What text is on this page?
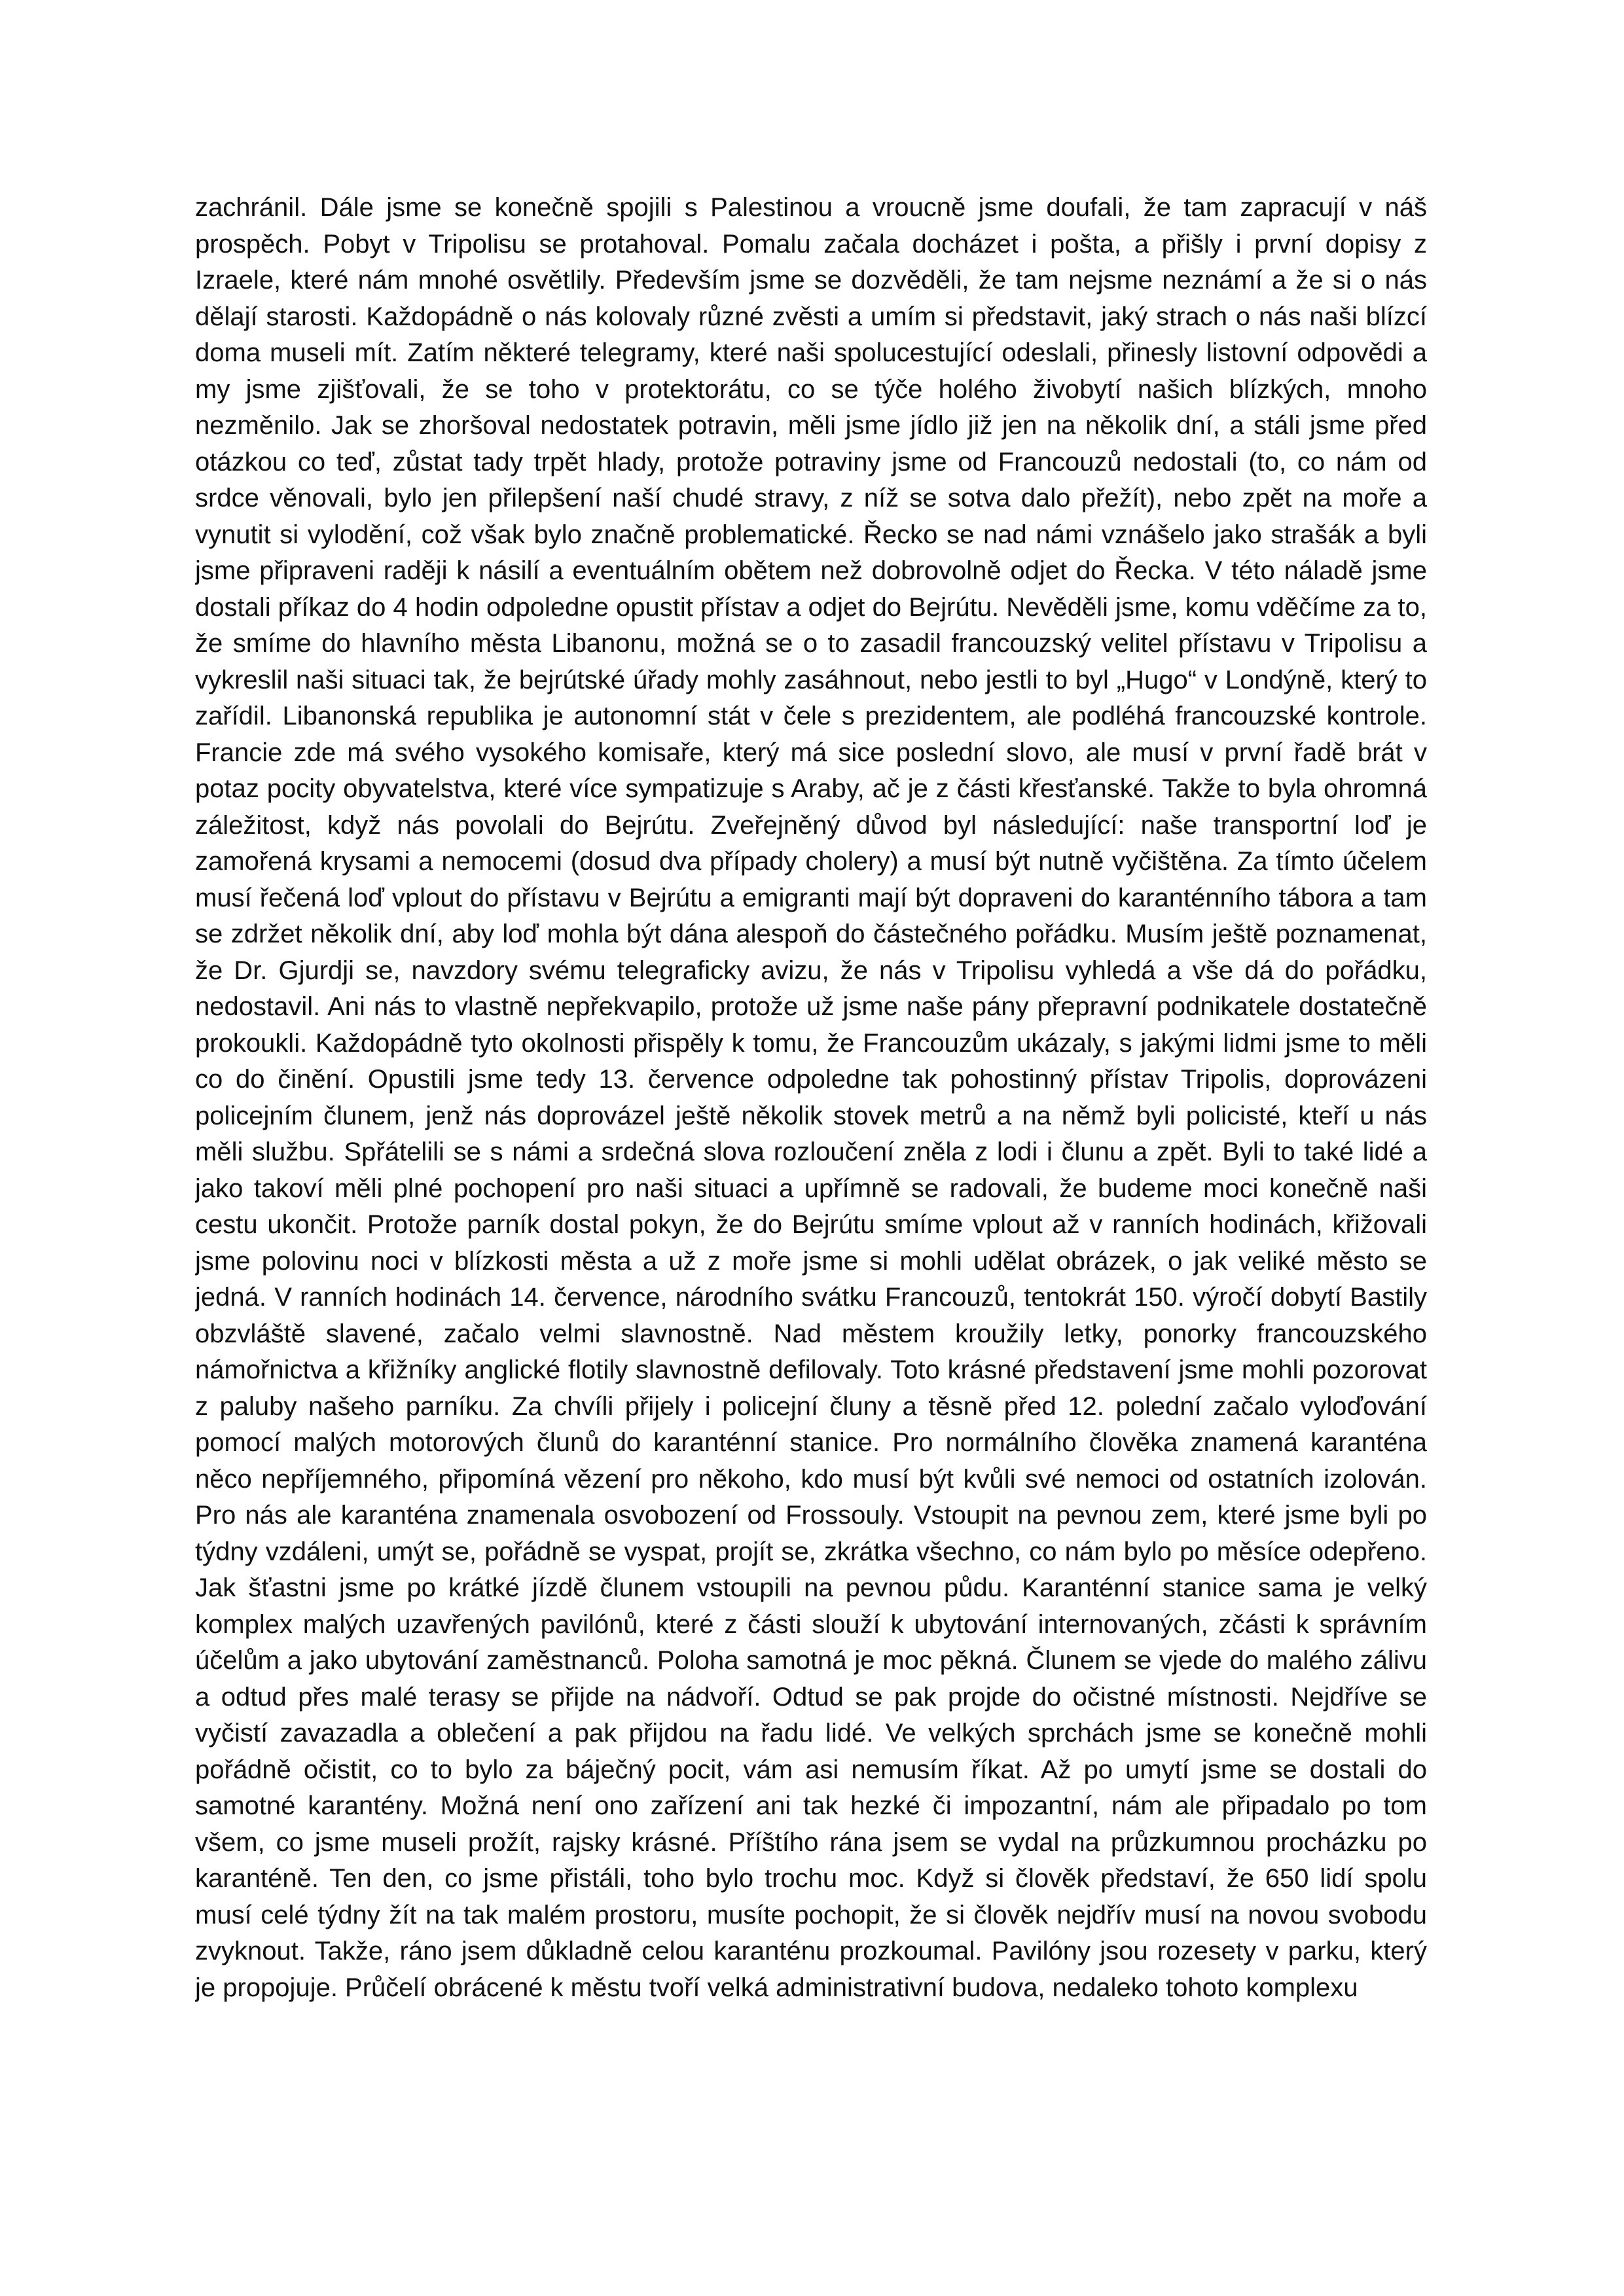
zachránil. Dále jsme se konečně spojili s Palestinou a vroucně jsme doufali, že tam zapracují v náš prospěch. Pobyt v Tripolisu se protahoval. Pomalu začala docházet i pošta, a přišly i první dopisy z Izraele, které nám mnohé osvětlily. Především jsme se dozvěděli, že tam nejsme neznámí a že si o nás dělají starosti. Každopádně o nás kolovaly různé zvěsti a umím si představit, jaký strach o nás naši blízcí doma museli mít. Zatím některé telegramy, které naši spolucestující odeslali, přinesly listovní odpovědi a my jsme zjišťovali, že se toho v protektorátu, co se týče holého živobytí našich blízkých, mnoho nezměnilo. Jak se zhoršoval nedostatek potravin, měli jsme jídlo již jen na několik dní, a stáli jsme před otázkou co teď, zůstat tady trpět hlady, protože potraviny jsme od Francouzů nedostali (to, co nám od srdce věnovali, bylo jen přilepšení naší chudé stravy, z níž se sotva dalo přežít), nebo zpět na moře a vynutit si vylodění, což však bylo značně problematické. Řecko se nad námi vznášelo jako strašák a byli jsme připraveni raději k násilí a eventuálním obětem než dobrovolně odjet do Řecka. V této náladě jsme dostali příkaz do 4 hodin odpoledne opustit přístav a odjet do Bejrútu. Nevěděli jsme, komu vděčíme za to, že smíme do hlavního města Libanonu, možná se o to zasadil francouzský velitel přístavu v Tripolisu a vykreslil naši situaci tak, že bejrútské úřady mohly zasáhnout, nebo jestli to byl „Hugo“ v Londýně, který to zařídil. Libanonská republika je autonomní stát v čele s prezidentem, ale podléhá francouzské kontrole. Francie zde má svého vysokého komisaře, který má sice poslední slovo, ale musí v první řadě brát v potaz pocity obyvatelstva, které více sympatizuje s Araby, ač je z části křesťanské. Takže to byla ohromná záležitost, když nás povolali do Bejrútu. Zveřejněný důvod byl následující: naše transportní loď je zamořená krysami a nemocemi (dosud dva případy cholery) a musí být nutně vyčištěna. Za tímto účelem musí řečená loď vplout do přístavu v Bejrútu a emigranti mají být dopraveni do karanténního tábora a tam se zdržet několik dní, aby loď mohla být dána alespoň do částečného pořádku. Musím ještě poznamenat, že Dr. Gjurdji se, navzdory svému telegraficky avizu, že nás v Tripolisu vyhledá a vše dá do pořádku, nedostavil. Ani nás to vlastně nepřekvapilo, protože už jsme naše pány přepravní podnikatele dostatečně prokoukli. Každopádně tyto okolnosti přispěly k tomu, že Francouzům ukázaly, s jakými lidmi jsme to měli co do činění. Opustili jsme tedy 13. července odpoledne tak pohostinný přístav Tripolis, doprovázeni policejním člunem, jenž nás doprovázel ještě několik stovek metrů a na němž byli policisté, kteří u nás měli službu. Spřátelili se s námi a srdečná slova rozloučení zněla z lodi i člunu a zpět. Byli to také lidé a jako takoví měli plné pochopení pro naši situaci a upřímně se radovali, že budeme moci konečně naši cestu ukončit. Protože parník dostal pokyn, že do Bejrútu smíme vplout až v ranních hodinách, křižovali jsme polovinu noci v blízkosti města a už z moře jsme si mohli udělat obrázek, o jak veliké město se jedná. V ranních hodinách 14. července, národního svátku Francouzů, tentokrát 150. výročí dobytí Bastily obzvláště slavené, začalo velmi slavnostně. Nad městem kroužily letky, ponorky francouzského námořnictva a křižníky anglické flotily slavnostně defilovaly. Toto krásné představení jsme mohli pozorovat z paluby našeho parníku. Za chvíli přijely i policejní čluny a těsně před 12. polední začalo vyloďování pomocí malých motorových člunů do karanténní stanice. Pro normálního člověka znamená karanténa něco nepříjemného, připomíná vězení pro někoho, kdo musí být kvůli své nemoci od ostatních izolován. Pro nás ale karanténa znamenala osvobození od Frossouly. Vstoupit na pevnou zem, které jsme byli po týdny vzdáleni, umýt se, pořádně se vyspat, projít se, zkrátka všechno, co nám bylo po měsíce odepřeno. Jak šťastni jsme po krátké jízdě člunem vstoupili na pevnou půdu. Karanténní stanice sama je velký komplex malých uzavřených pavilónů, které z části slouží k ubytování internovaných, zčásti k správním účelům a jako ubytování zaměstnanců. Poloha samotná je moc pěkná. Člunem se vjede do malého zálivu a odtud přes malé terasy se přijde na nádvoří. Odtud se pak projde do očistné místnosti. Nejdříve se vyčistí zavazadla a oblečení a pak přijdou na řadu lidé. Ve velkých sprchách jsme se konečně mohli pořádně očistit, co to bylo za báječný pocit, vám asi nemusím říkat. Až po umytí jsme se dostali do samotné karantény. Možná není ono zařízení ani tak hezké či impozantní, nám ale připadalo po tom všem, co jsme museli prožít, rajsky krásné. Příštího rána jsem se vydal na průzkumnou procházku po karanténě. Ten den, co jsme přistáli, toho bylo trochu moc. Když si člověk představí, že 650 lidí spolu musí celé týdny žít na tak malém prostoru, musíte pochopit, že si člověk nejdřív musí na novou svobodu zvyknout. Takže, ráno jsem důkladně celou karanténu prozkoumal. Pavilóny jsou rozesety v parku, který je propojuje. Průčelí obrácené k městu tvoří velká administrativní budova, nedaleko tohoto komplexu
